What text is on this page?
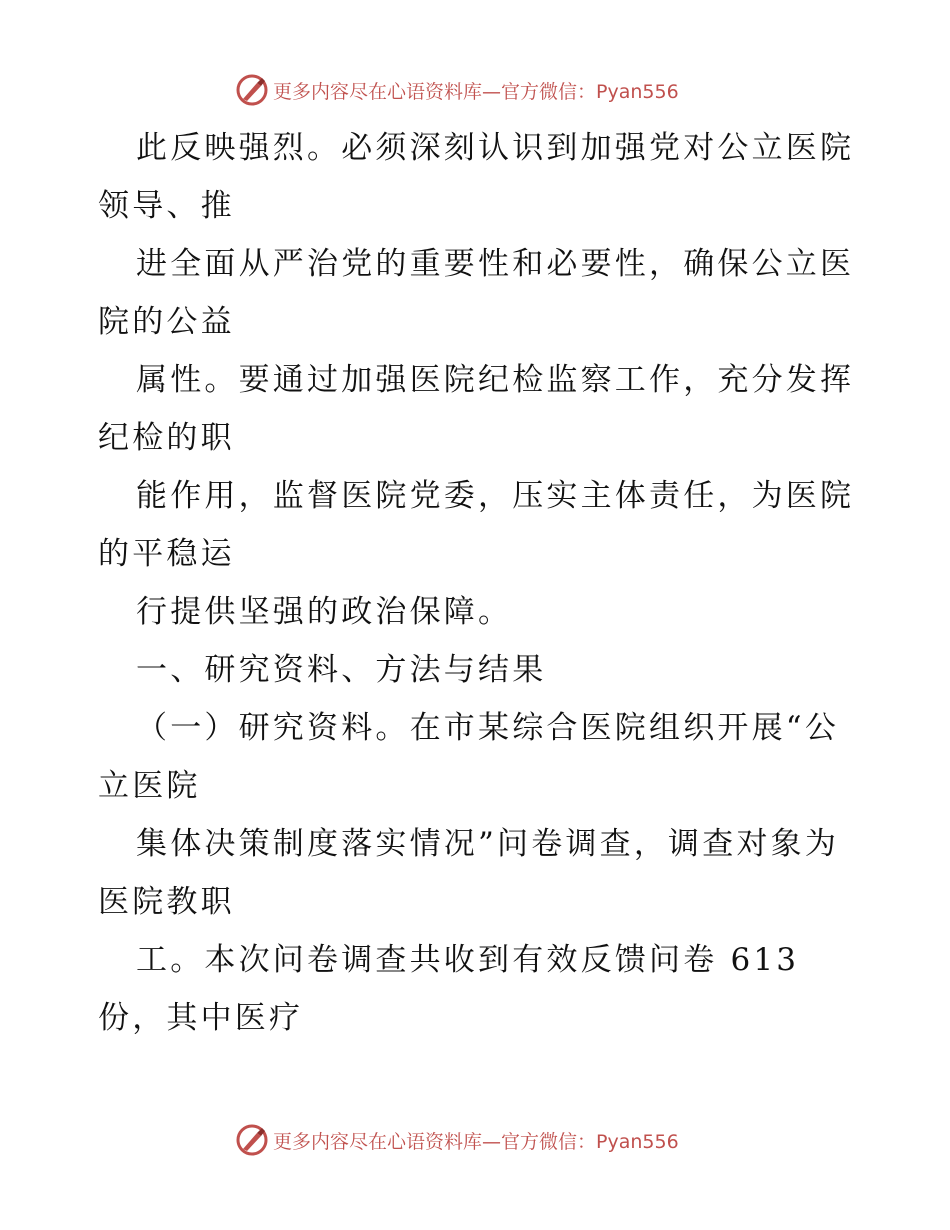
更多内容尽在心语资料库—官方微信：Pyan556
此反映强烈。必须深刻认识到加强党对公立医院
领导、推
进全面从严治党的重要性和必要性，确保公立医
院的公益
属性。要通过加强医院纪检监察工作，充分发挥
纪检的职
能作用，监督医院党委，压实主体责任，为医院
的平稳运
行提供坚强的政治保障。
一、研究资料、方法与结果
（一）研究资料。在市某综合医院组织开展“公
立医院
集体决策制度落实情况”问卷调查，调查对象为
医院教职
工。本次问卷调查共收到有效反馈问卷 613
份，其中医疗
更多内容尽在心语资料库—官方微信：Pyan556
